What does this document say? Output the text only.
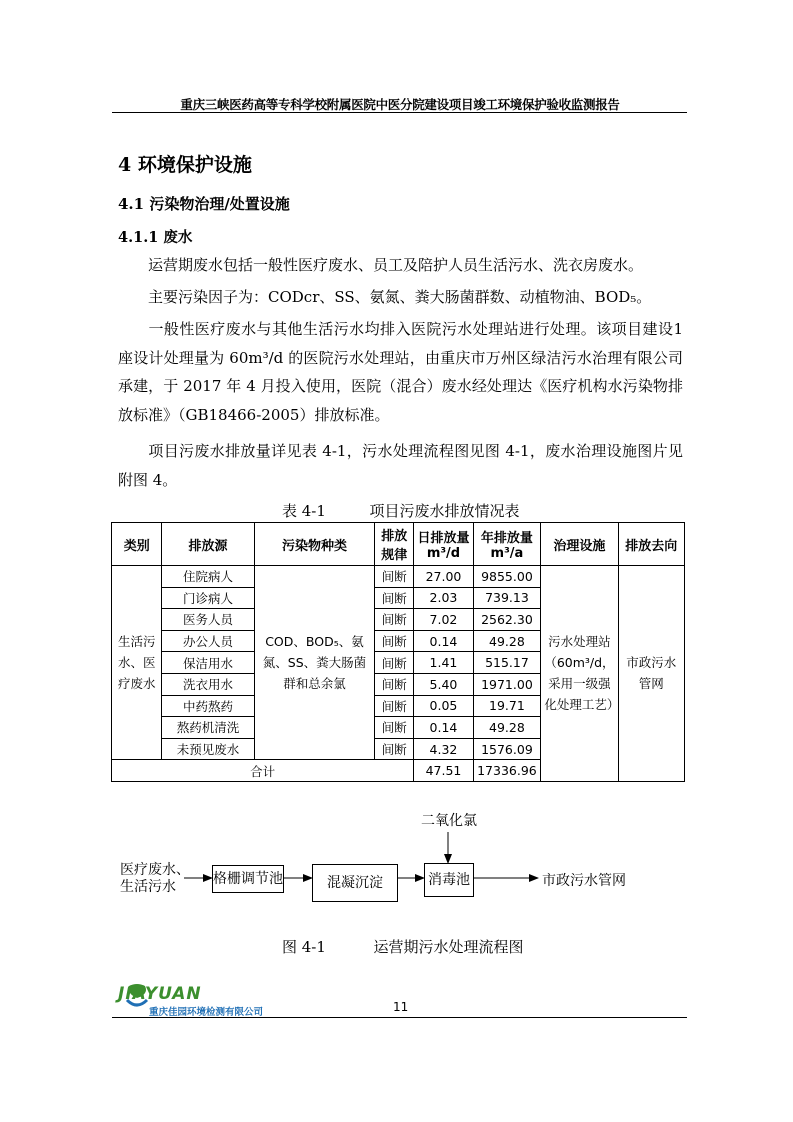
重庆三峡医药高等专科学校附属医院中医分院建设项目竣工环境保护验收监测报告
4 环境保护设施
4.1 污染物治理/处置设施
4.1.1 废水
运营期废水包括一般性医疗废水、员工及陪护人员生活污水、洗衣房废水。
主要污染因子为：CODcr、SS、氨氮、粪大肠菌群数、动植物油、BOD₅。
一般性医疗废水与其他生活污水均排入医院污水处理站进行处理。该项目建设1 座设计处理量为 60m³/d 的医院污水处理站，由重庆市万州区绿洁污水治理有限公司承建，于 2017 年 4 月投入使用，医院（混合）废水经处理达《医疗机构水污染物排放标准》（GB18466-2005）排放标准。
项目污废水排放量详见表 4-1，污水处理流程图见图 4-1，废水治理设施图片见附图 4。
表 4-1	项目污废水排放情况表
类别	排放源	污染物种类	排放规律	日排放量m³/d	年排放量m³/a	治理设施	排放去向
生活污水、医疗废水	住院病人	COD、BOD₅、氨氮、SS、粪大肠菌群和总余氯	间断	27.00	9855.00	污水处理站（60m³/d，采用一级强化处理工艺）	市政污水管网
	门诊病人		间断	2.03	739.13		
	医务人员		间断	7.02	2562.30		
	办公人员		间断	0.14	49.28		
	保洁用水		间断	1.41	515.17		
	洗衣用水		间断	5.40	1971.00		
	中药熬药		间断	0.05	19.71		
	熬药机清洗		间断	0.14	49.28		
	未预见废水		间断	4.32	1576.09		
合计				47.51	17336.96		
医疗废水、
生活污水	格栅调节池	混凝沉淀	消毒池
二氧化氯
市政污水管网
图 4-1	运营期污水处理流程图
JIAYUAN
重庆佳园环境检测有限公司	11
